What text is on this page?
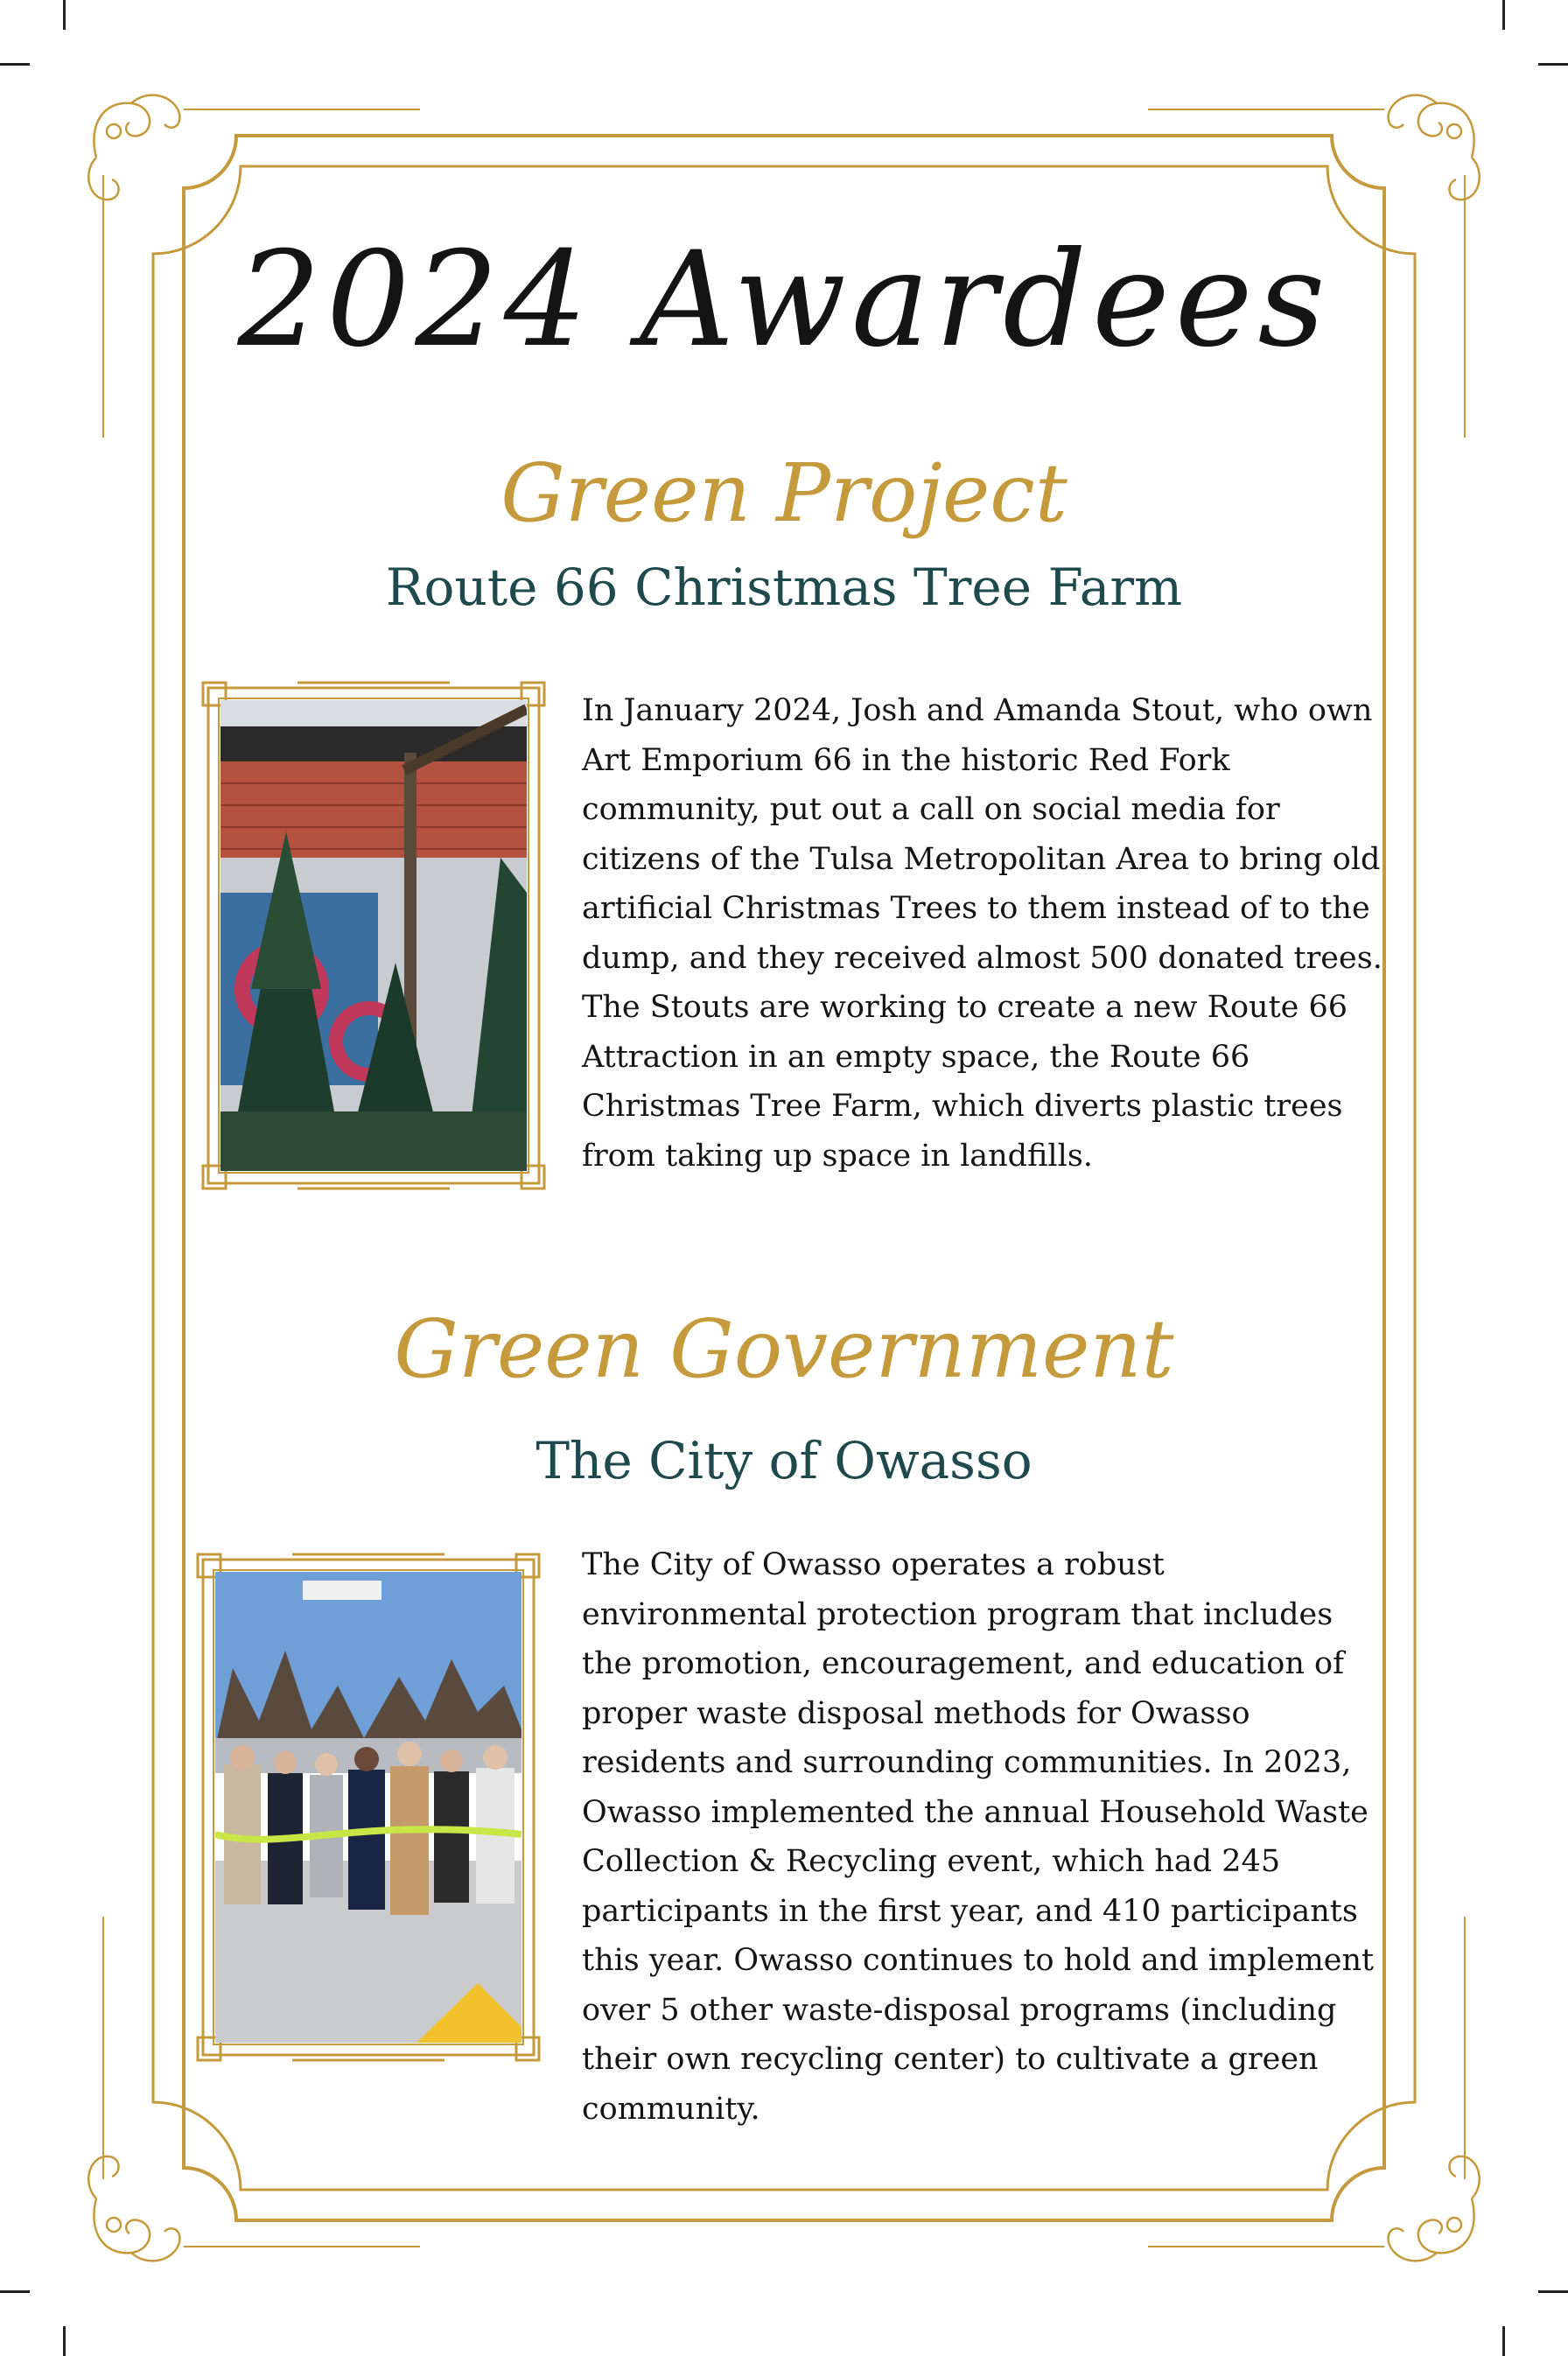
2024 Awardees
Green Project
Route 66 Christmas Tree Farm

In January 2024, Josh and Amanda Stout, who own Art Emporium 66 in the historic Red Fork community, put out a call on social media for citizens of the Tulsa Metropolitan Area to bring old artificial Christmas Trees to them instead of to the dump, and they received almost 500 donated trees. The Stouts are working to create a new Route 66 Attraction in an empty space, the Route 66 Christmas Tree Farm, which diverts plastic trees from taking up space in landfills.

Green Government
The City of Owasso

The City of Owasso operates a robust environmental protection program that includes the promotion, encouragement, and education of proper waste disposal methods for Owasso residents and surrounding communities. In 2023, Owasso implemented the annual Household Waste Collection & Recycling event, which had 245 participants in the first year, and 410 participants this year. Owasso continues to hold and implement over 5 other waste-disposal programs (including their own recycling center) to cultivate a green community.
